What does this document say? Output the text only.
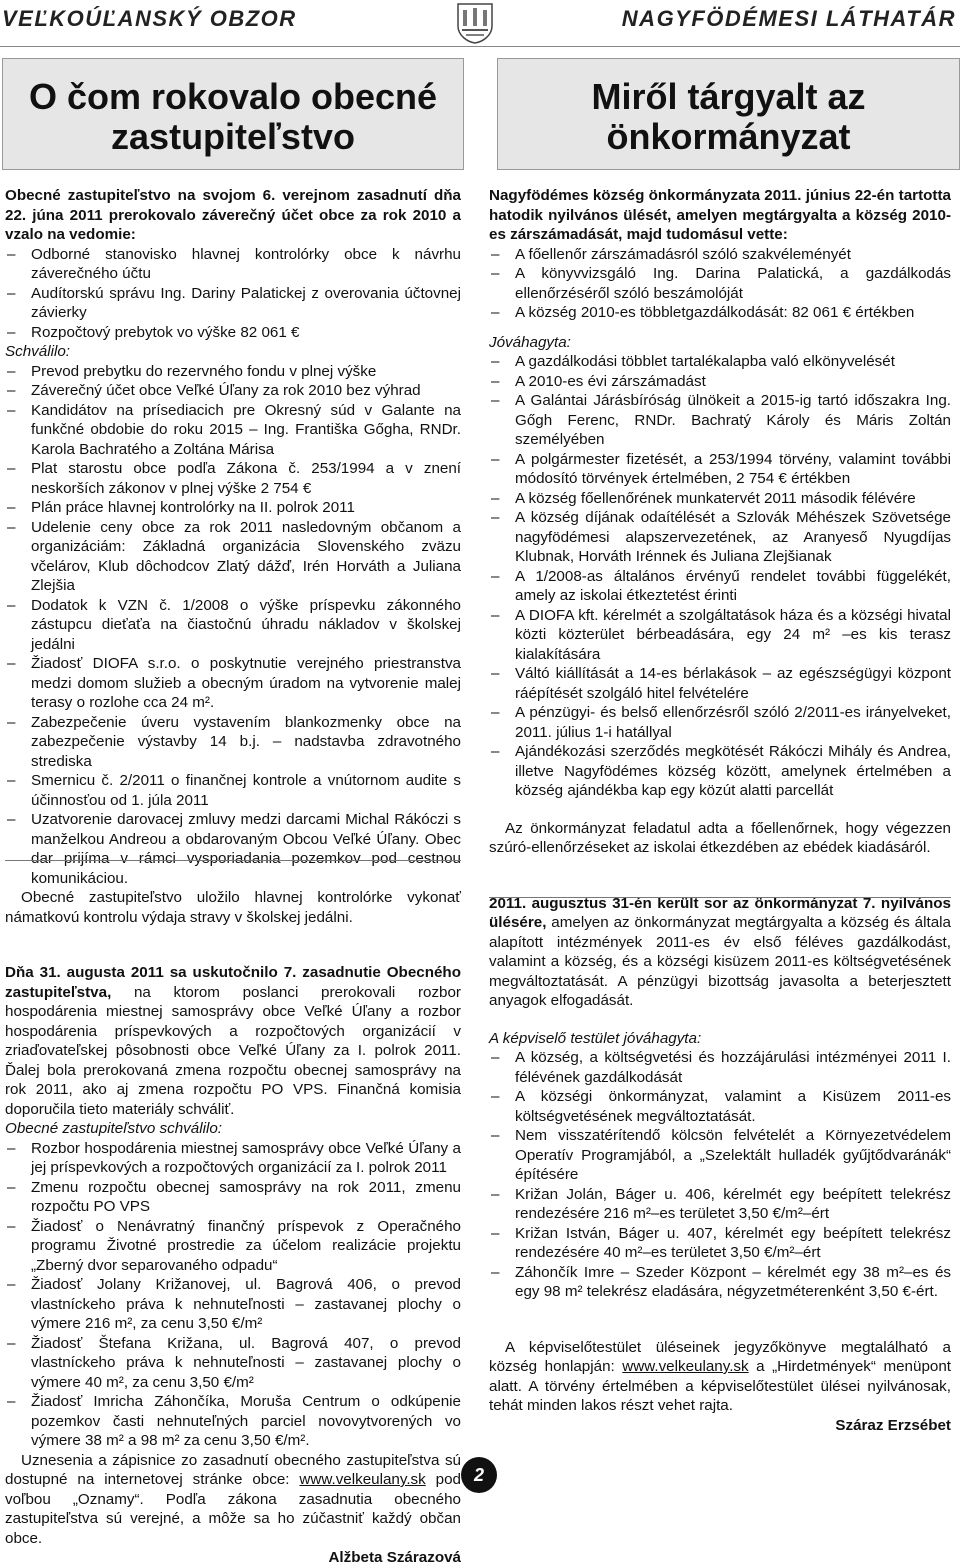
VEĽKOÚĽANSKÝ OBZOR	NAGYFÖDÉMESI LÁTHATÁR
O čom rokovalo obecné zastupiteľstvo
Miről tárgyalt az önkormányzat

Obecné zastupiteľstvo na svojom 6. verejnom zasadnutí dňa 22. júna 2011 prerokovalo záverečný účet obce za rok 2010 a vzalo na vedomie:

– Odborné stanovisko hlavnej kontrolórky obce k návrhu záverečného účtu
– Audítorskú správu Ing. Dariny Palatickej z overovania účtovnej závierky
– Rozpočtový prebytok vo výške 82 061 €

Schválilo:

– Prevod prebytku do rezervného fondu v plnej výške
– Záverečný účet obce Veľké Úľany za rok 2010 bez výhrad
– Kandidátov na prísediacich pre Okresný súd v Galante na funkčné obdobie do roku 2015 – Ing. Františka Gőgha, RNDr. Karola Bachratého a Zoltána Márisa
– Plat starostu obce podľa Zákona č. 253/1994 a v znení neskorších zákonov v plnej výške 2 754 €
– Plán práce hlavnej kontrolórky na II. polrok 2011
– Udelenie ceny obce za rok 2011 nasledovným občanom a organizáciám: Základná organizácia Slovenského zväzu včelárov, Klub dôchodcov Zlatý dážď, Irén Horváth a Juliana Zlejšia
– Dodatok k VZN č. 1/2008 o výške príspevku zákonného zástupcu dieťaťa na čiastočnú úhradu nákladov v školskej jedálni
– Žiadosť DIOFA s.r.o. o poskytnutie verejného priestranstva medzi domom služieb a obecným úradom na vytvorenie malej terasy o rozlohe cca 24 m².
– Zabezpečenie úveru vystavením blankozmenky obce na zabezpečenie výstavby 14 b.j. – nadstavba zdravotného strediska
– Smernicu č. 2/2011 o finančnej kontrole a vnútornom audite s účinnosťou od 1. júla 2011
– Uzatvorenie darovacej zmluvy medzi darcami Michal Rákóczi s manželkou Andreou a obdarovaným Obcou Veľké Úľany. Obec dar prijíma v rámci vysporiadania pozemkov pod cestnou komunikáciou.

Obecné zastupiteľstvo uložilo hlavnej kontrolórke vykonať námatkovú kontrolu výdaja stravy v školskej jedálni.

Dňa 31. augusta 2011 sa uskutočnilo 7. zasadnutie Obecného zastupiteľstva, na ktorom poslanci prerokovali rozbor hospodárenia miestnej samosprávy obce Veľké Úľany a rozbor hospodárenia príspevkových a rozpočtových organizácií v zriaďovateľskej pôsobnosti obce Veľké Úľany za I. polrok 2011. Ďalej bola prerokovaná zmena rozpočtu obecnej samosprávy na rok 2011, ako aj zmena rozpočtu PO VPS. Finančná komisia doporučila tieto materiály schváliť.

Obecné zastupiteľstvo schválilo:

– Rozbor hospodárenia miestnej samosprávy obce Veľké Úľany a jej príspevkových a rozpočtových organizácií za I. polrok 2011
– Zmenu rozpočtu obecnej samosprávy na rok 2011, zmenu rozpočtu PO VPS
– Žiadosť o Nenávratný finančný príspevok z Operačného programu Životné prostredie za účelom realizácie projektu „Zberný dvor separovaného odpadu“
– Žiadosť Jolany Križanovej, ul. Bagrová 406, o prevod vlastníckeho práva k nehnuteľnosti – zastavanej plochy o výmere 216 m², za cenu 3,50 €/m²
– Žiadosť Štefana Križana, ul. Bagrová 407, o prevod vlastníckeho práva k nehnuteľnosti – zastavanej plochy o výmere 40 m², za cenu 3,50 €/m²
– Žiadosť Imricha Záhončíka, Moruša Centrum o odkúpenie pozemkov časti nehnuteľných parciel novovytvorených vo výmere 38 m² a 98 m² za cenu 3,50 €/m².

Uznesenia a zápisnice zo zasadnutí obecného zastupiteľstva sú dostupné na internetovej stránke obce: www.velkeulany.sk pod voľbou „Oznamy“. Podľa zákona zasadnutia obecného zastupiteľstva sú verejné, a môže sa ho zúčastniť každý občan obce.

Alžbeta Szárazová

Nagyfödémes község önkormányzata 2011. június 22-én tartotta hatodik nyilvános ülését, amelyen megtárgyalta a község 2010-es zárszámadását, majd tudomásul vette:

– A főellenőr zárszámadásról szóló szakvéleményét
– A könyvvizsgáló Ing. Darina Palatická, a gazdálkodás ellenőrzéséről szóló beszámolóját
– A község 2010-es többletgazdálkodását: 82 061 € értékben

Jóváhagyta:

– A gazdálkodási többlet tartalékalapba való elkönyvelését
– A 2010-es évi zárszámadást
– A Galántai Járásbíróság ülnökeit a 2015-ig tartó időszakra Ing. Gőgh Ferenc, RNDr. Bachratý Károly és Máris Zoltán személyében
– A polgármester fizetését, a 253/1994 törvény, valamint további módosító törvények értelmében, 2 754 € értékben
– A község főellenőrének munkatervét 2011 második félévére
– A község díjának odaítélését a Szlovák Méhészek Szövetsége nagyfödémesi alapszervezetének, az Aranyeső Nyugdíjas Klubnak, Horváth Irénnek és Juliana Zlejšianak
– A 1/2008-as általános érvényű rendelet további függelékét, amely az iskolai étkeztetést érinti
– A DIOFA kft. kérelmét a szolgáltatások háza és a községi hivatal közti közterület bérbeadására, egy 24 m² –es kis terasz kialakítására
– Váltó kiállítását a 14-es bérlakások – az egészségügyi központ ráépítését szolgáló hitel felvételére
– A pénzügyi- és belső ellenőrzésről szóló 2/2011-es irányelveket, 2011. július 1-i hatállyal
– Ajándékozási szerződés megkötését Rákóczi Mihály és Andrea, illetve Nagyfödémes község között, amelynek értelmében a község ajándékba kap egy közút alatti parcellát

Az önkormányzat feladatul adta a főellenőrnek, hogy végezzen szúró-ellenőrzéseket az iskolai étkezdében az ebédek kiadásáról.

2011. augusztus 31-én került sor az önkormányzat 7. nyilvános ülésére, amelyen az önkormányzat megtárgyalta a község és általa alapított intézmények 2011-es év első féléves gazdálkodást, valamint a község, és a községi kisüzem 2011-es költségvetésének megváltoztatását. A pénzügyi bizottság javasolta a beterjesztett anyagok elfogadását.

A képviselő testület jóváhagyta:

– A község, a költségvetési és hozzájárulási intézményei 2011 I. félévének gazdálkodását
– A községi önkormányzat, valamint a Kisüzem 2011-es költségvetésének megváltoztatását.
– Nem visszatérítendő kölcsön felvételét a Környezetvédelem Operatív Programjából, a „Szelektált hulladék gyűjtődvaránák“ építésére
– Križan Jolán, Báger u. 406, kérelmét egy beépített telekrész rendezésére 216 m²–es területet 3,50 €/m²–ért
– Križan István, Báger u. 407, kérelmét egy beépített telekrész rendezésére 40 m²–es területet 3,50 €/m²–ért
– Záhončík Imre – Szeder Központ – kérelmét egy 38 m²–es és egy 98 m² telekrész eladására, négyzetméterenként 3,50 €-ért.

A képviselőtestület üléseinek jegyzőkönyve megtalálható a község honlapján: www.velkeulany.sk a „Hirdetmények“ menüpont alatt. A törvény értelmében a képviselőtestület ülései nyilvánosak, tehát minden lakos részt vehet rajta.

Száraz Erzsébet

2
